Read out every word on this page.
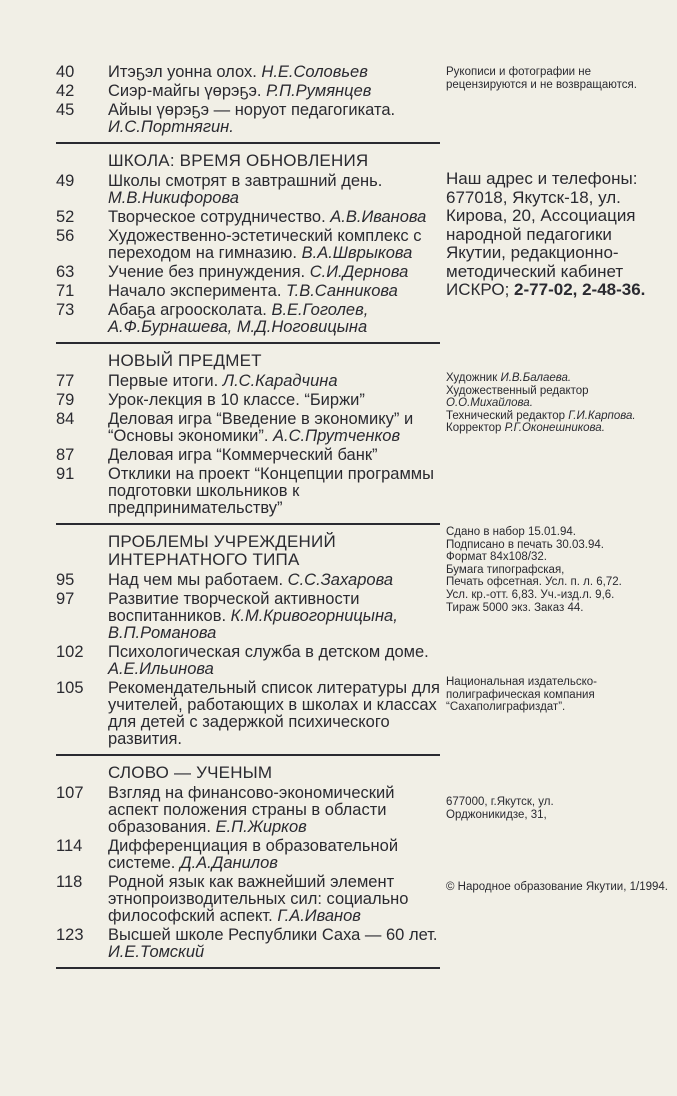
40	Итэҕэл уонна олох. Н.Е.Соловьев
42	Сиэр-майгы үөрэҕэ. Р.П.Румянцев
45	Айыы үөрэҕэ — норуот педагогиката. И.С.Портнягин.
ШКОЛА: ВРЕМЯ ОБНОВЛЕНИЯ
49	Школы смотрят в завтрашний день. М.В.Никифорова
52	Творческое сотрудничество. А.В.Иванова
56	Художественно-эстетический комплекс с переходом на гимназию. В.А.Шврыкова
63	Учение без принуждения. С.И.Дернова
71	Начало эксперимента. Т.В.Санникова
73	Абаҕа агроосколата. В.Е.Гоголев, А.Ф.Бурнашева, М.Д.Ноговицына
НОВЫЙ ПРЕДМЕТ
77	Первые итоги. Л.С.Карадчина
79	Урок-лекция в 10 классе. “Биржи”
84	Деловая игра “Введение в экономику” и “Основы экономики”. А.С.Прутченков
87	Деловая игра “Коммерческий банк”
91	Отклики на проект “Концепции программы подготовки школьников к предпринимательству”
ПРОБЛЕМЫ УЧРЕЖДЕНИЙ ИНТЕРНАТНОГО ТИПА
95	Над чем мы работаем. С.С.Захарова
97	Развитие творческой активности воспитанников. К.М.Кривогорницына, В.П.Романова
102	Психологическая служба в детском доме. А.Е.Ильинова
105	Рекомендательный список литературы для учителей, работающих в школах и классах для детей с задержкой психического развития.
СЛОВО — УЧЕНЫМ
107	Взгляд на финансово-экономический аспект положения страны в области образования. Е.П.Жирков
114	Дифференциация в образовательной системе. Д.А.Данилов
118	Родной язык как важнейший элемент этнопроизводительных сил: социально философский аспект. Г.А.Иванов
123	Высшей школе Республики Саха — 60 лет. И.Е.Томский
Рукописи и фотографии не рецензируются и не возвращаются.
Наш адрес и телефоны: 677018, Якутск-18, ул. Кирова, 20, Ассоциация народной педагогики Якутии, редакционно-методический кабинет ИСКРО; 2-77-02, 2-48-36.
Художник И.В.Балаева.
Художественный редактор О.О.Михайлова.
Технический редактор Г.И.Карпова.
Корректор Р.Г.Оконешникова.
Сдано в набор 15.01.94.
Подписано в печать 30.03.94.
Формат 84х108/32.
Бумага типографская,
Печать офсетная. Усл. п. л. 6,72.
Усл. кр.-отт. 6,83. Уч.-изд.л. 9,6.
Тираж 5000 экз. Заказ 44.
Национальная издательско-полиграфическая компания “Сахаполиграфиздат”.
677000, г.Якутск, ул. Орджоникидзе, 31,
© Народное образование Якутии, 1/1994.
